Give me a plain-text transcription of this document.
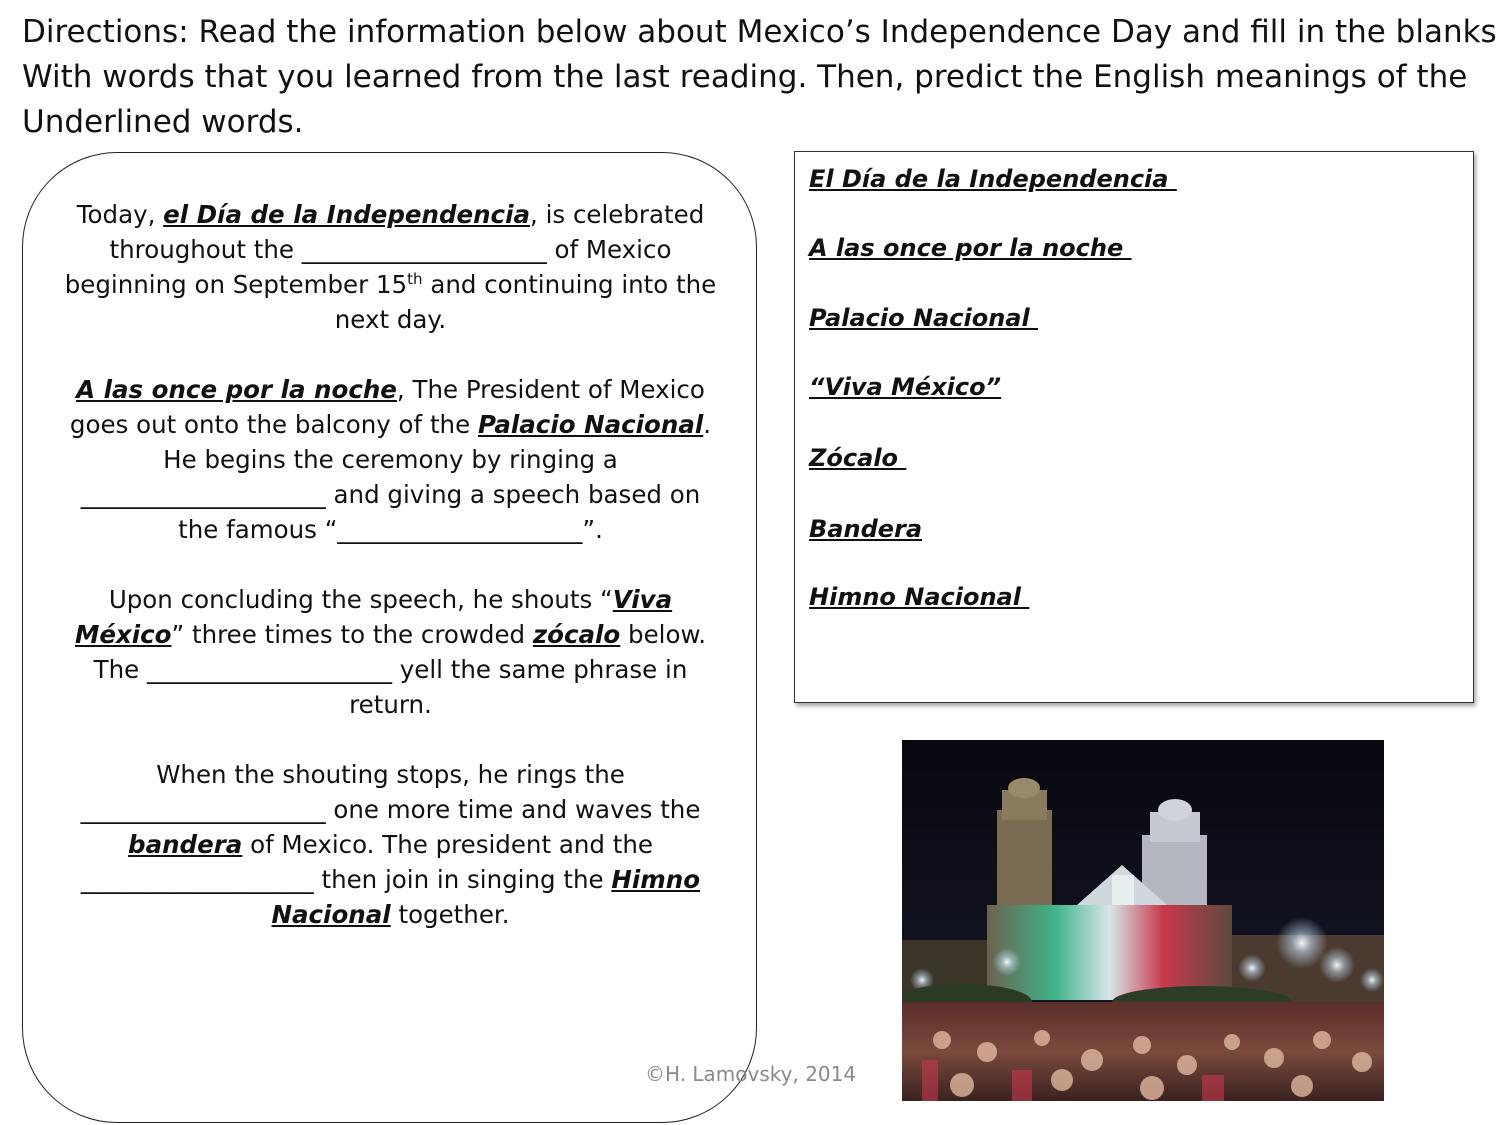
Directions: Read the information below about Mexico’s Independence Day and fill in the blanks
With words that you learned from the last reading. Then, predict the English meanings of the
Underlined words.

Today, el Día de la Independencia, is celebrated throughout the ____________________ of Mexico beginning on September 15th and continuing into the next day.

A las once por la noche, The President of Mexico goes out onto the balcony of the Palacio Nacional. He begins the ceremony by ringing a ____________________ and giving a speech based on the famous “____________________”.

Upon concluding the speech, he shouts “Viva México” three times to the crowded zócalo below. The ____________________ yell the same phrase in return.

When the shouting stops, he rings the ____________________ one more time and waves the bandera of Mexico. The president and the ___________________ then join in singing the Himno Nacional together.

El Día de la Independencia
A las once por la noche
Palacio Nacional
“Viva México”
Zócalo
Bandera
Himno Nacional
©H. Lamovsky, 2014
